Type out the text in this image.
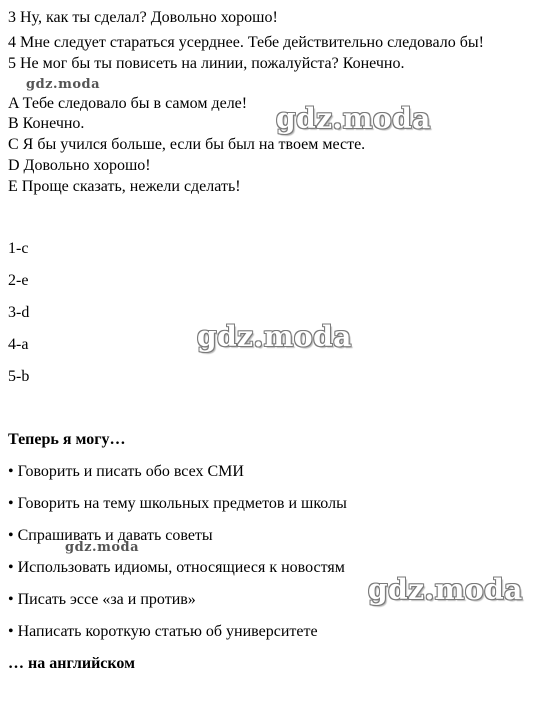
3 Ну, как ты сделал? Довольно хорошо!
4 Мне следует стараться усерднее. Тебе действительно следовало бы!
5 Не мог бы ты повисеть на линии, пожалуйста? Конечно.
A Тебе следовало бы в самом деле!
B Конечно.
C Я бы учился больше, если бы был на твоем месте.
D Довольно хорошо!
E Проще сказать, нежели сделать!
1-c
2-e
3-d
4-a
5-b
Теперь я могу…
• Говорить и писать обо всех СМИ
• Говорить на тему школьных предметов и школы
• Спрашивать и давать советы
• Использовать идиомы, относящиеся к новостям
• Писать эссе «за и против»
• Написать короткую статью об университете
… на английском
gdz.moda
gdz.moda
gdz.moda
gdz.moda
gdz.moda
